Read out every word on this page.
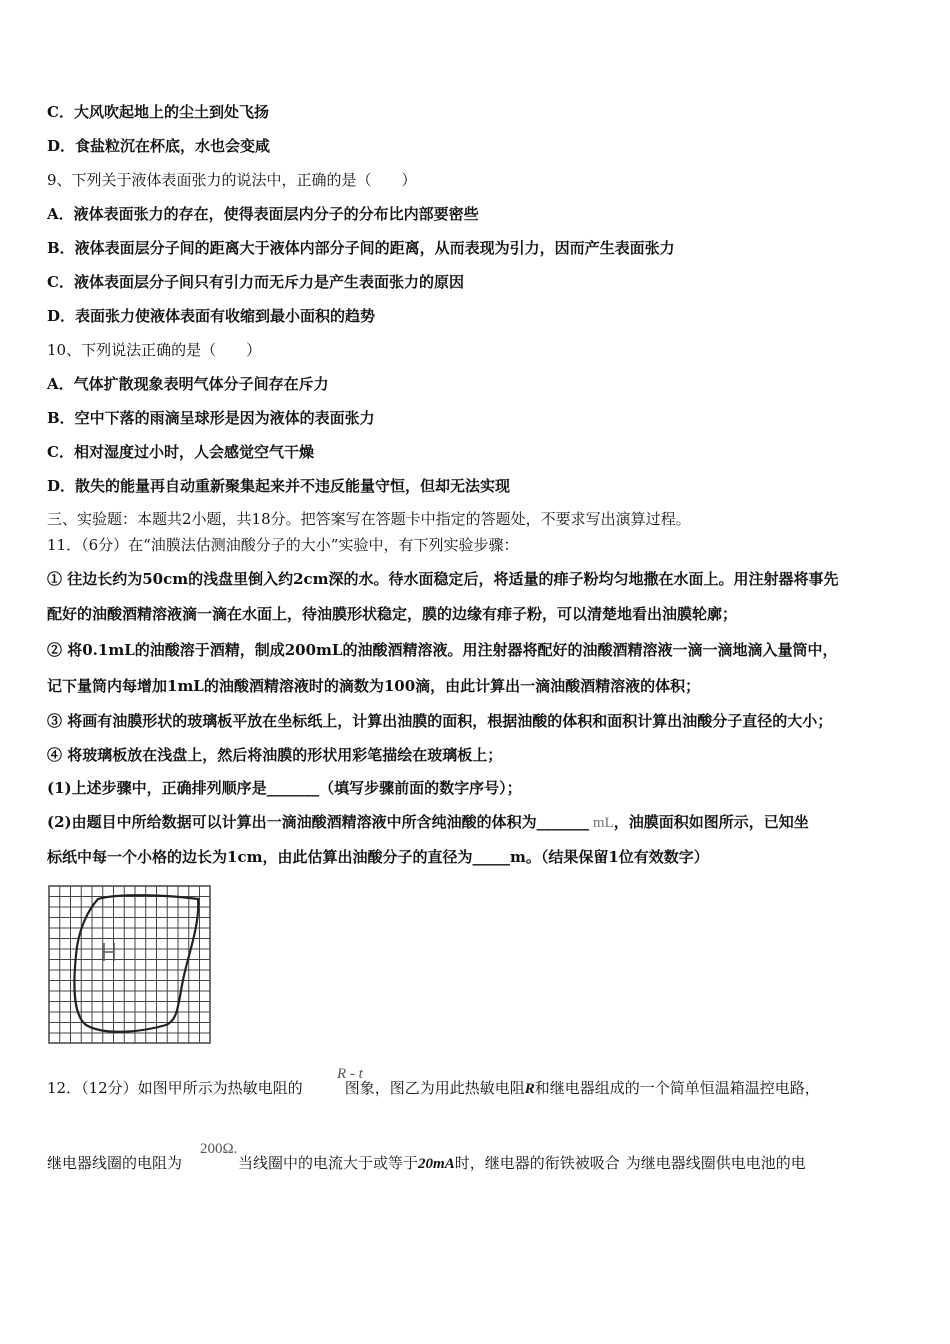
C．大风吹起地上的尘土到处飞扬
D．食盐粒沉在杯底，水也会变咸
9、下列关于液体表面张力的说法中，正确的是（　　）
A．液体表面张力的存在，使得表面层内分子的分布比内部要密些
B．液体表面层分子间的距离大于液体内部分子间的距离，从而表现为引力，因而产生表面张力
C．液体表面层分子间只有引力而无斥力是产生表面张力的原因
D．表面张力使液体表面有收缩到最小面积的趋势
10、下列说法正确的是（　　）
A．气体扩散现象表明气体分子间存在斥力
B．空中下落的雨滴呈球形是因为液体的表面张力
C．相对湿度过小时，人会感觉空气干燥
D．散失的能量再自动重新聚集起来并不违反能量守恒，但却无法实现
三、实验题：本题共2小题，共18分。把答案写在答题卡中指定的答题处，不要求写出演算过程。
11．（6分）在“油膜法估测油酸分子的大小”实验中，有下列实验步骤：
① 往边长约为50cm的浅盘里倒入约2cm深的水。待水面稳定后，将适量的痱子粉均匀地撒在水面上。用注射器将事先
配好的油酸酒精溶液滴一滴在水面上，待油膜形状稳定，膜的边缘有痱子粉，可以清楚地看出油膜轮廓；
② 将0.1mL的油酸溶于酒精，制成200mL的油酸酒精溶液。用注射器将配好的油酸酒精溶液一滴一滴地滴入量筒中，
记下量筒内每增加1mL的油酸酒精溶液时的滴数为100滴，由此计算出一滴油酸酒精溶液的体积；
③ 将画有油膜形状的玻璃板平放在坐标纸上，计算出油膜的面积，根据油酸的体积和面积计算出油酸分子直径的大小；
④ 将玻璃板放在浅盘上，然后将油膜的形状用彩笔描绘在玻璃板上；
(1)上述步骤中，正确排列顺序是_______（填写步骤前面的数字序号）；
(2)由题目中所给数据可以计算出一滴油酸酒精溶液中所含纯油酸的体积为_______ mL，油膜面积如图所示，已知坐
标纸中每一个小格的边长为1cm，由此估算出油酸分子的直径为_____m。（结果保留1位有效数字）
12．（12分）如图甲所示为热敏电阻的	图象，图乙为用此热敏电阻R和继电器组成的一个简单恒温箱温控电路，
R - t
继电器线圈的电阻为	当线圈中的电流大于或等于20mA时，继电器的衔铁被吸合 为继电器线圈供电电池的电
200Ω.
